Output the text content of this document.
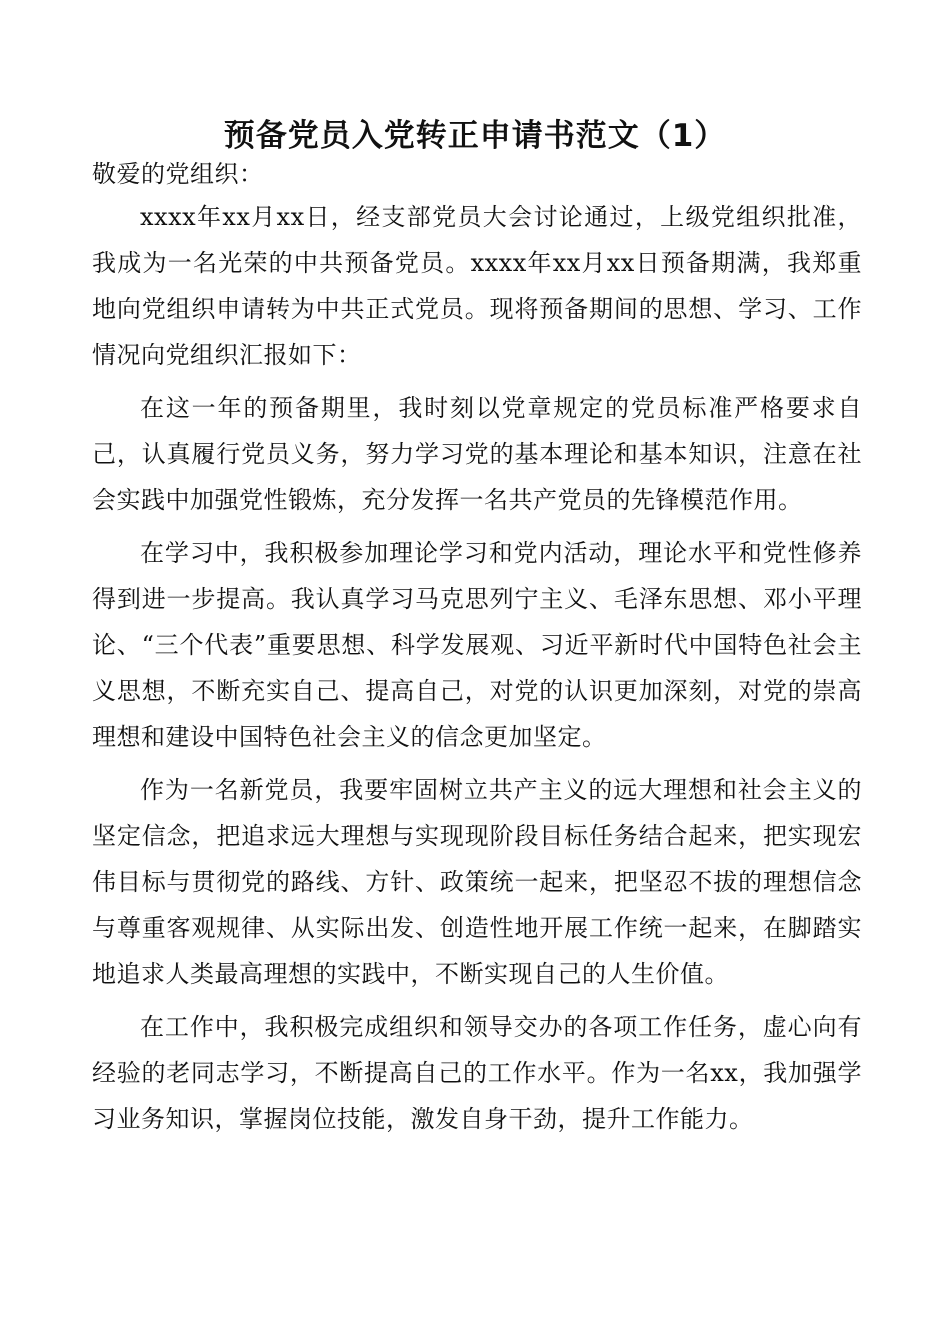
预备党员入党转正申请书范文（1）
敬爱的党组织：

xxxx年xx月xx日，经支部党员大会讨论通过，上级党组织批准，我成为一名光荣的中共预备党员。xxxx年xx月xx日预备期满，我郑重地向党组织申请转为中共正式党员。现将预备期间的思想、学习、工作情况向党组织汇报如下：

在这一年的预备期里，我时刻以党章规定的党员标准严格要求自己，认真履行党员义务，努力学习党的基本理论和基本知识，注意在社会实践中加强党性锻炼，充分发挥一名共产党员的先锋模范作用。

在学习中，我积极参加理论学习和党内活动，理论水平和党性修养得到进一步提高。我认真学习马克思列宁主义、毛泽东思想、邓小平理论、“三个代表”重要思想、科学发展观、习近平新时代中国特色社会主义思想，不断充实自己、提高自己，对党的认识更加深刻，对党的崇高理想和建设中国特色社会主义的信念更加坚定。

作为一名新党员，我要牢固树立共产主义的远大理想和社会主义的坚定信念，把追求远大理想与实现现阶段目标任务结合起来，把实现宏伟目标与贯彻党的路线、方针、政策统一起来，把坚忍不拔的理想信念与尊重客观规律、从实际出发、创造性地开展工作统一起来，在脚踏实地追求人类最高理想的实践中，不断实现自己的人生价值。

在工作中，我积极完成组织和领导交办的各项工作任务，虚心向有经验的老同志学习，不断提高自己的工作水平。作为一名xx，我加强学习业务知识，掌握岗位技能，激发自身干劲，提升工作能力。
